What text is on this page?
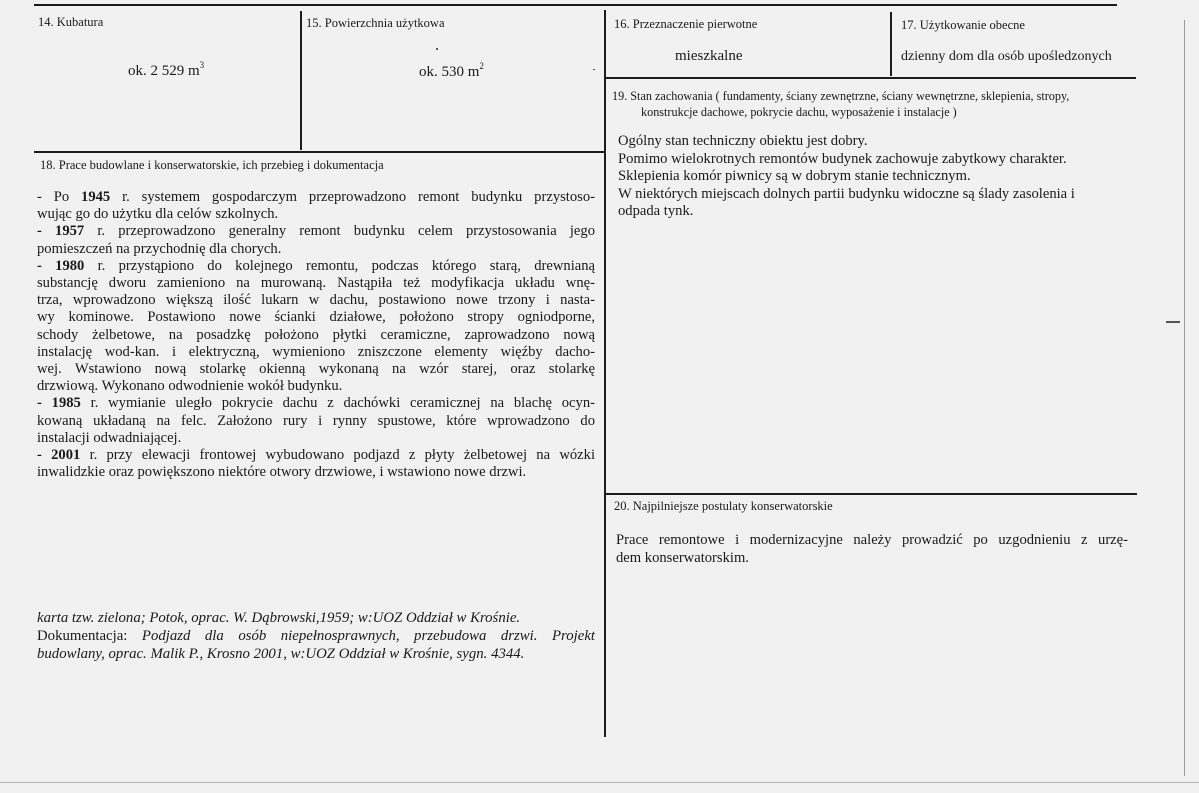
14. Kubatura
ok. 2 529 $m^3$
15. Powierzchnia użytkowa
ok. 530 $m^2$
16. Przeznaczenie pierwotne
mieszkalne
17. Użytkowanie obecne
dzienny dom dla osób upośledzonych
18. Prace budowlane i konserwatorskie, ich przebieg i dokumentacja
- Po 1945 r. systemem gospodarczym przeprowadzono remont budynku przystoso-
wując go do użytku dla celów szkolnych.
- 1957 r. przeprowadzono generalny remont budynku celem przystosowania jego
pomieszczeń na przychodnię dla chorych.
- 1980 r. przystąpiono do kolejnego remontu, podczas którego starą, drewnianą
substancję dworu zamieniono na murowaną. Nastąpiła też modyfikacja układu wnę-
trza, wprowadzono większą ilość lukarn w dachu, postawiono nowe trzony i nasta-
wy kominowe. Postawiono nowe ścianki działowe, położono stropy ogniodporne,
schody żelbetowe, na posadzkę położono płytki ceramiczne, zaprowadzono nową
instalację wod-kan. i elektryczną, wymieniono zniszczone elementy więźby dacho-
wej. Wstawiono nową stolarkę okienną wykonaną na wzór starej, oraz stolarkę
drzwiową. Wykonano odwodnienie wokół budynku.
- 1985 r. wymianie uległo pokrycie dachu z dachówki ceramicznej na blachę ocyn-
kowaną układaną na felc. Założono rury i rynny spustowe, które wprowadzono do
instalacji odwadniającej.
- 2001 r. przy elewacji frontowej wybudowano podjazd z płyty żelbetowej na wózki
inwalidzkie oraz powiększono niektóre otwory drzwiowe, i wstawiono nowe drzwi.
karta tzw. zielona; Potok, oprac. W. Dąbrowski,1959; w:UOZ Oddział w Krośnie.
Dokumentacja: Podjazd dla osób niepełnosprawnych, przebudowa drzwi. Projekt
budowlany, oprac. Malik P., Krosno 2001, w:UOZ Oddział w Krośnie, sygn. 4344.
19. Stan zachowania ( fundamenty, ściany zewnętrzne, ściany wewnętrzne, sklepienia, stropy,
konstrukcje dachowe, pokrycie dachu, wyposażenie i instalacje )
Ogólny stan techniczny obiektu jest dobry.
Pomimo wielokrotnych remontów budynek zachowuje zabytkowy charakter.
Sklepienia komór piwnicy są w dobrym stanie technicznym.
W niektórych miejscach dolnych partii budynku widoczne są ślady zasolenia i
odpada tynk.
20. Najpilniejsze postulaty konserwatorskie
Prace remontowe i modernizacyjne należy prowadzić po uzgodnieniu z urzę-
dem konserwatorskim.
